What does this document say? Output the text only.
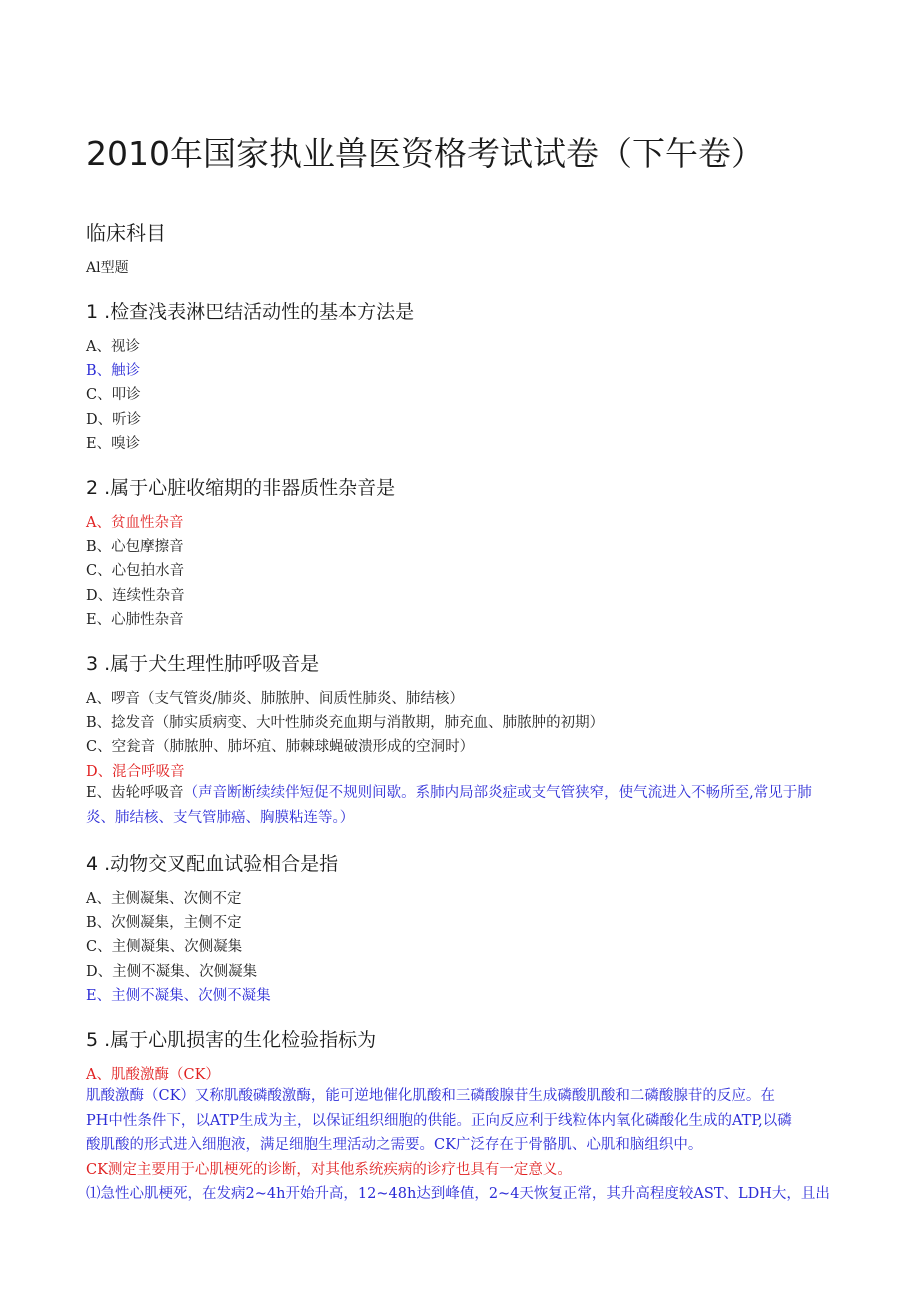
2010年国家执业兽医资格考试试卷（下午卷）
临床科目
Al型题
1 .检查浅表淋巴结活动性的基本方法是
A、视诊
B、触诊
C、叩诊
D、听诊
E、嗅诊
2 .属于心脏收缩期的非器质性杂音是
A、贫血性杂音
B、心包摩擦音
C、心包拍水音
D、连续性杂音
E、心肺性杂音
3 .属于犬生理性肺呼吸音是
A、啰音（支气管炎/肺炎、肺脓肿、间质性肺炎、肺结核）
B、捻发音（肺实质病变、大叶性肺炎充血期与消散期，肺充血、肺脓肿的初期）
C、空瓮音（肺脓肿、肺坏疽、肺棘球蝇破溃形成的空洞时）
D、混合呼吸音
E、齿轮呼吸音（声音断断续续伴短促不规则间歇。系肺内局部炎症或支气管狭窄，使气流进入不畅所至,常见于肺炎、肺结核、支气管肺癌、胸膜粘连等。）
4 .动物交叉配血试验相合是指
A、主侧凝集、次侧不定
B、次侧凝集，主侧不定
C、主侧凝集、次侧凝集
D、主侧不凝集、次侧凝集
E、主侧不凝集、次侧不凝集
5 .属于心肌损害的生化检验指标为
A、肌酸激酶（CK）
肌酸激酶（CK）又称肌酸磷酸激酶，能可逆地催化肌酸和三磷酸腺苷生成磷酸肌酸和二磷酸腺苷的反应。在
PH中性条件下，以ATP生成为主，以保证组织细胞的供能。正向反应利于线粒体内氧化磷酸化生成的ATP,以磷
酸肌酸的形式进入细胞液，满足细胞生理活动之需要。CK广泛存在于骨骼肌、心肌和脑组织中。
CK测定主要用于心肌梗死的诊断，对其他系统疾病的诊疗也具有一定意义。
⑴急性心肌梗死，在发病2~4h开始升高，12~48h达到峰值，2~4天恢复正常，其升高程度较AST、LDH大，且出
